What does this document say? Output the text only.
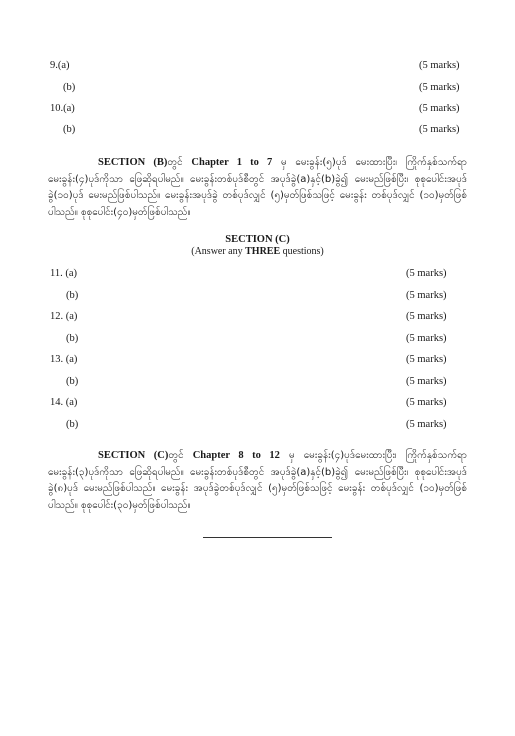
9.(a)	(5 marks)
(b)	(5 marks)
10.(a)	(5 marks)
(b)	(5 marks)
SECTION (B)တွင် Chapter 1 to 7 မှ မေးခွန်း(၅)ပုဒ် မေးထားပြီး၊ ကြိုက်နှစ်သက်ရာ မေးခွန်း(၄)ပုဒ်ကိုသာ ဖြေဆိုရပါမည်။ မေးခွန်းတစ်ပုဒ်စီတွင် အပုဒ်ခွဲ(a)နှင့်(b)ခွဲ၍ မေးမည်ဖြစ်ပြီး၊ စုစုပေါင်းအပုဒ်ခွဲ(၁၀)ပုဒ် မေးမည်ဖြစ်ပါသည်။ မေးခွန်းအပုဒ်ခွဲ တစ်ပုဒ်လျှင် (၅)မှတ်ဖြစ်သဖြင့် မေးခွန်း တစ်ပုဒ်လျှင် (၁၀)မှတ်ဖြစ်ပါသည်။ စုစုပေါင်း(၄၀)မှတ်ဖြစ်ပါသည်။
SECTION (C)
(Answer any THREE questions)
11. (a)	(5 marks)
(b)	(5 marks)
12. (a)	(5 marks)
(b)	(5 marks)
13. (a)	(5 marks)
(b)	(5 marks)
14. (a)	(5 marks)
(b)	(5 marks)
SECTION (C)တွင် Chapter 8 to 12 မှ မေးခွန်း(၄)ပုဒ်မေးထားပြီး၊ ကြိုက်နှစ်သက်ရာ မေးခွန်း(၃)ပုဒ်ကိုသာ ဖြေဆိုရပါမည်။ မေးခွန်းတစ်ပုဒ်စီတွင် အပုဒ်ခွဲ(a)နှင့်(b)ခွဲ၍ မေးမည်ဖြစ်ပြီး၊ စုစုပေါင်းအပုဒ်ခွဲ(၈)ပုဒ် မေးမည်ဖြစ်ပါသည်။ မေးခွန်း အပုဒ်ခွဲတစ်ပုဒ်လျှင် (၅)မှတ်ဖြစ်သဖြင့် မေးခွန်း တစ်ပုဒ်လျှင် (၁၀)မှတ်ဖြစ်ပါသည်။ စုစုပေါင်း(၃၀)မှတ်ဖြစ်ပါသည်။
